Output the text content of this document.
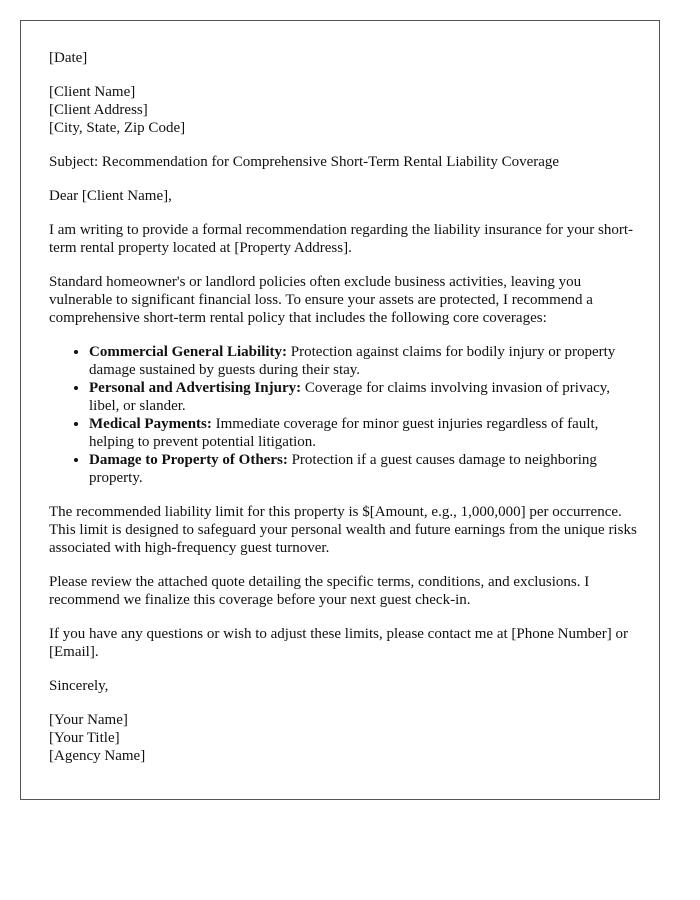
[Date]
[Client Name]
[Client Address]
[City, State, Zip Code]
Subject: Recommendation for Comprehensive Short-Term Rental Liability Coverage
Dear [Client Name],
I am writing to provide a formal recommendation regarding the liability insurance for your short-term rental property located at [Property Address].
Standard homeowner's or landlord policies often exclude business activities, leaving you vulnerable to significant financial loss. To ensure your assets are protected, I recommend a comprehensive short-term rental policy that includes the following core coverages:
• Commercial General Liability: Protection against claims for bodily injury or property damage sustained by guests during their stay.
• Personal and Advertising Injury: Coverage for claims involving invasion of privacy, libel, or slander.
• Medical Payments: Immediate coverage for minor guest injuries regardless of fault, helping to prevent potential litigation.
• Damage to Property of Others: Protection if a guest causes damage to neighboring property.
The recommended liability limit for this property is $[Amount, e.g., 1,000,000] per occurrence. This limit is designed to safeguard your personal wealth and future earnings from the unique risks associated with high-frequency guest turnover.
Please review the attached quote detailing the specific terms, conditions, and exclusions. I recommend we finalize this coverage before your next guest check-in.
If you have any questions or wish to adjust these limits, please contact me at [Phone Number] or [Email].
Sincerely,
[Your Name]
[Your Title]
[Agency Name]
